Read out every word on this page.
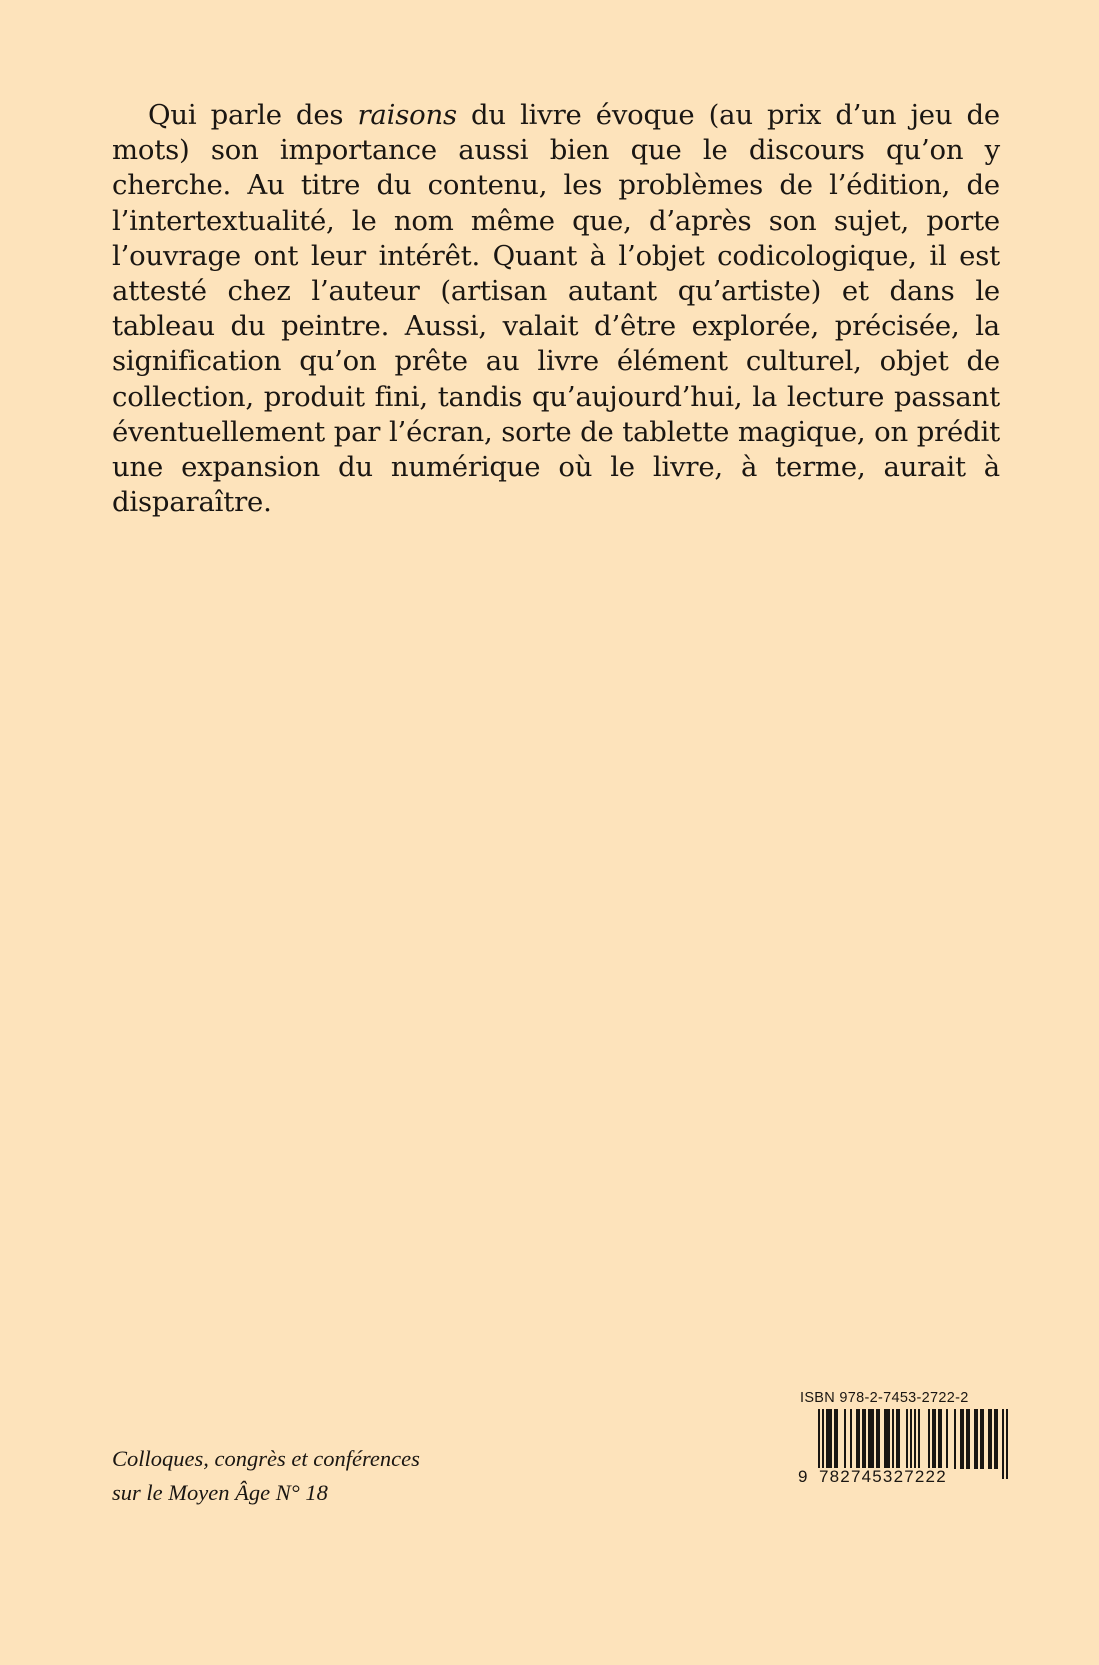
Qui parle des raisons du livre évoque (au prix d’un jeu de mots) son importance aussi bien que le discours qu’on y cherche. Au titre du contenu, les problèmes de l’édition, de l’intertextualité, le nom même que, d’après son sujet, porte l’ouvrage ont leur intérêt. Quant à l’objet codicologique, il est attesté chez l’auteur (artisan autant qu’artiste) et dans le tableau du peintre. Aussi, valait d’être explorée, précisée, la signification qu’on prête au livre élément culturel, objet de collection, produit fini, tandis qu’aujourd’hui, la lecture passant éventuellement par l’écran, sorte de tablette magique, on prédit une expansion du numérique où le livre, à terme, aurait à disparaître.

Colloques, congrès et conférences
sur le Moyen Âge N° 18
ISBN 978-2-7453-2722-2
9 782745327222
